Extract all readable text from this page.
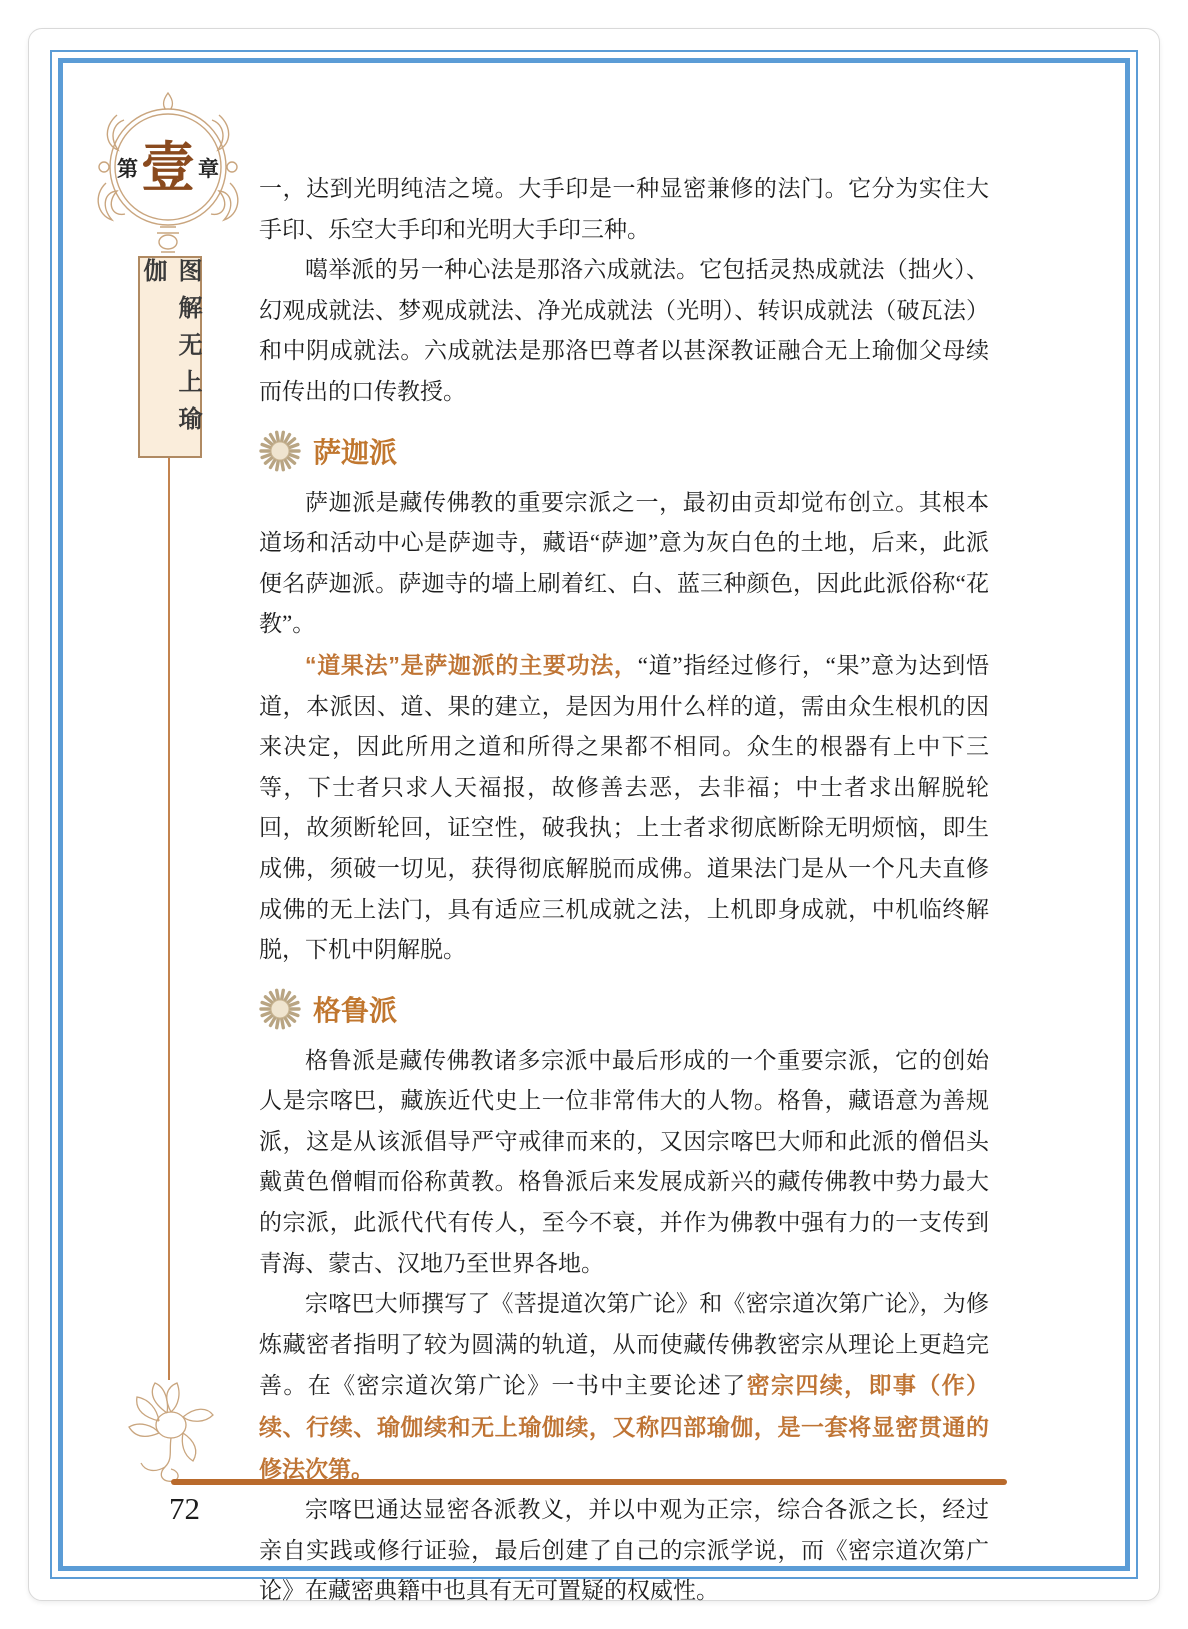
第 壹 章
图解无上瑜伽
72

一，达到光明纯洁之境。大手印是一种显密兼修的法门。它分为实住大手印、乐空大手印和光明大手印三种。

噶举派的另一种心法是那洛六成就法。它包括灵热成就法（拙火）、幻观成就法、梦观成就法、净光成就法（光明）、转识成就法（破瓦法）和中阴成就法。六成就法是那洛巴尊者以甚深教证融合无上瑜伽父母续而传出的口传教授。

萨迦派

萨迦派是藏传佛教的重要宗派之一，最初由贡却觉布创立。其根本道场和活动中心是萨迦寺，藏语“萨迦”意为灰白色的土地，后来，此派便名萨迦派。萨迦寺的墙上刷着红、白、蓝三种颜色，因此此派俗称“花教”。

“道果法”是萨迦派的主要功法，“道”指经过修行，“果”意为达到悟道，本派因、道、果的建立，是因为用什么样的道，需由众生根机的因来决定，因此所用之道和所得之果都不相同。众生的根器有上中下三等，下士者只求人天福报，故修善去恶，去非福；中士者求出解脱轮回，故须断轮回，证空性，破我执；上士者求彻底断除无明烦恼，即生成佛，须破一切见，获得彻底解脱而成佛。道果法门是从一个凡夫直修成佛的无上法门，具有适应三机成就之法，上机即身成就，中机临终解脱，下机中阴解脱。

格鲁派

格鲁派是藏传佛教诸多宗派中最后形成的一个重要宗派，它的创始人是宗喀巴，藏族近代史上一位非常伟大的人物。格鲁，藏语意为善规派，这是从该派倡导严守戒律而来的，又因宗喀巴大师和此派的僧侣头戴黄色僧帽而俗称黄教。格鲁派后来发展成新兴的藏传佛教中势力最大的宗派，此派代代有传人，至今不衰，并作为佛教中强有力的一支传到青海、蒙古、汉地乃至世界各地。

宗喀巴大师撰写了《菩提道次第广论》和《密宗道次第广论》，为修炼藏密者指明了较为圆满的轨道，从而使藏传佛教密宗从理论上更趋完善。在《密宗道次第广论》一书中主要论述了密宗四续，即事（作）续、行续、瑜伽续和无上瑜伽续，又称四部瑜伽，是一套将显密贯通的修法次第。

宗喀巴通达显密各派教义，并以中观为正宗，综合各派之长，经过亲自实践或修行证验，最后创建了自己的宗派学说，而《密宗道次第广论》在藏密典籍中也具有无可置疑的权威性。
